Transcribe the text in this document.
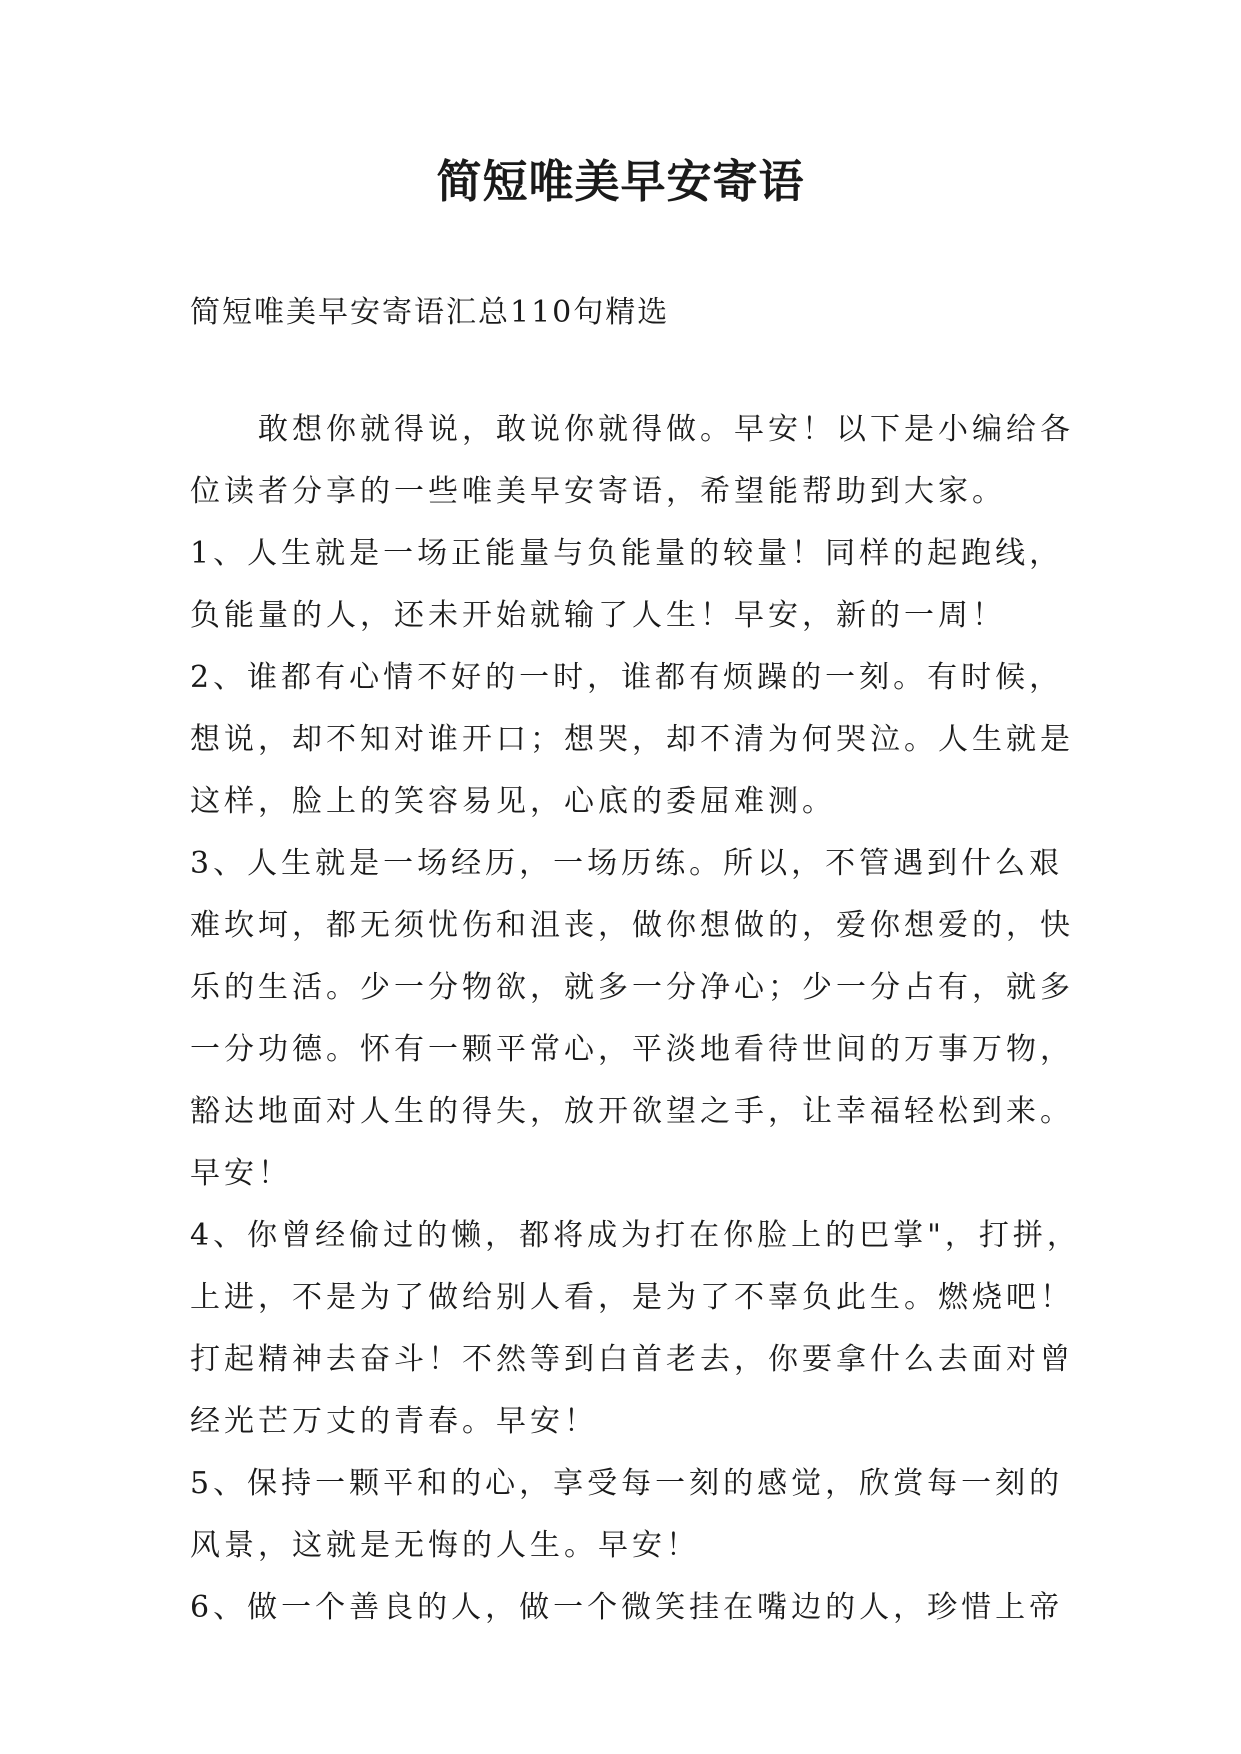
简短唯美早安寄语

简短唯美早安寄语汇总110句精选

敢想你就得说，敢说你就得做。早安！以下是小编给各

位读者分享的一些唯美早安寄语，希望能帮助到大家。

1、人生就是一场正能量与负能量的较量！同样的起跑线，

负能量的人，还未开始就输了人生！早安，新的一周！

2、谁都有心情不好的一时，谁都有烦躁的一刻。有时候，

想说，却不知对谁开口；想哭，却不清为何哭泣。人生就是

这样，脸上的笑容易见，心底的委屈难测。

3、人生就是一场经历，一场历练。所以，不管遇到什么艰

难坎坷，都无须忧伤和沮丧，做你想做的，爱你想爱的，快

乐的生活。少一分物欲，就多一分净心；少一分占有，就多

一分功德。怀有一颗平常心，平淡地看待世间的万事万物，

豁达地面对人生的得失，放开欲望之手，让幸福轻松到来。

早安！

4、你曾经偷过的懒，都将成为打在你脸上的巴掌"，打拼，

上进，不是为了做给别人看，是为了不辜负此生。燃烧吧！

打起精神去奋斗！不然等到白首老去，你要拿什么去面对曾

经光芒万丈的青春。早安！

5、保持一颗平和的心，享受每一刻的感觉，欣赏每一刻的

风景，这就是无悔的人生。早安！

6、做一个善良的人，做一个微笑挂在嘴边的人，珍惜上帝
